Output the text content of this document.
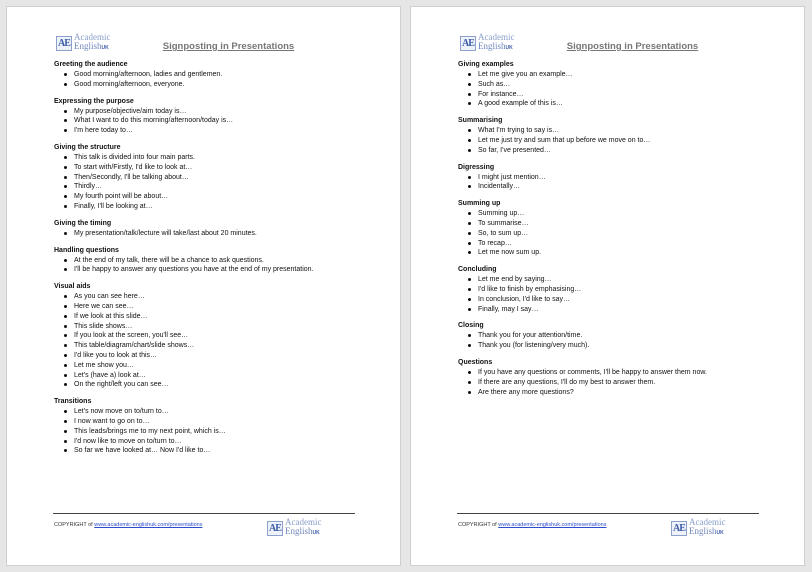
AE
Academic
EnglishUK	Signposting in Presentations
Greeting the audience
Good morning/afternoon, ladies and gentlemen.
Good morning/afternoon, everyone.
Expressing the purpose
My purpose/objective/aim today is…
What I want to do this morning/afternoon/today is…
I'm here today to…
Giving the structure
This talk is divided into four main parts.
To start with/Firstly, I'd like to look at…
Then/Secondly, I'll be talking about…
Thirdly…
My fourth point will be about…
Finally, I'll be looking at…
Giving the timing
My presentation/talk/lecture will take/last about 20 minutes.
Handling questions
At the end of my talk, there will be a chance to ask questions.
I'll be happy to answer any questions you have at the end of my presentation.
Visual aids
As you can see here…
Here we can see…
If we look at this slide…
This slide shows…
If you look at the screen, you'll see…
This table/diagram/chart/slide shows…
I'd like you to look at this…
Let me show you…
Let's (have a) look at…
On the right/left you can see…
Transitions
Let's now move on to/turn to…
I now want to go on to…
This leads/brings me to my next point, which is…
I'd now like to move on to/turn to…
So far we have looked at… Now I'd like to…
COPYRIGHT of www.academic-englishuk.com/presentations	AE
Academic
EnglishUK
AE
Academic
EnglishUK	Signposting in Presentations
Giving examples
Let me give you an example…
Such as…
For instance…
A good example of this is…
Summarising
What I'm trying to say is…
Let me just try and sum that up before we move on to…
So far, I've presented…
Digressing
I might just mention…
Incidentally…
Summing up
Summing up…
To summarise…
So, to sum up…
To recap…
Let me now sum up.
Concluding
Let me end by saying…
I'd like to finish by emphasising…
In conclusion, I'd like to say…
Finally, may I say…
Closing
Thank you for your attention/time.
Thank you (for listening/very much).
Questions
If you have any questions or comments, I'll be happy to answer them now.
If there are any questions, I'll do my best to answer them.
Are there any more questions?
COPYRIGHT of www.academic-englishuk.com/presentations	AE
Academic
EnglishUK
